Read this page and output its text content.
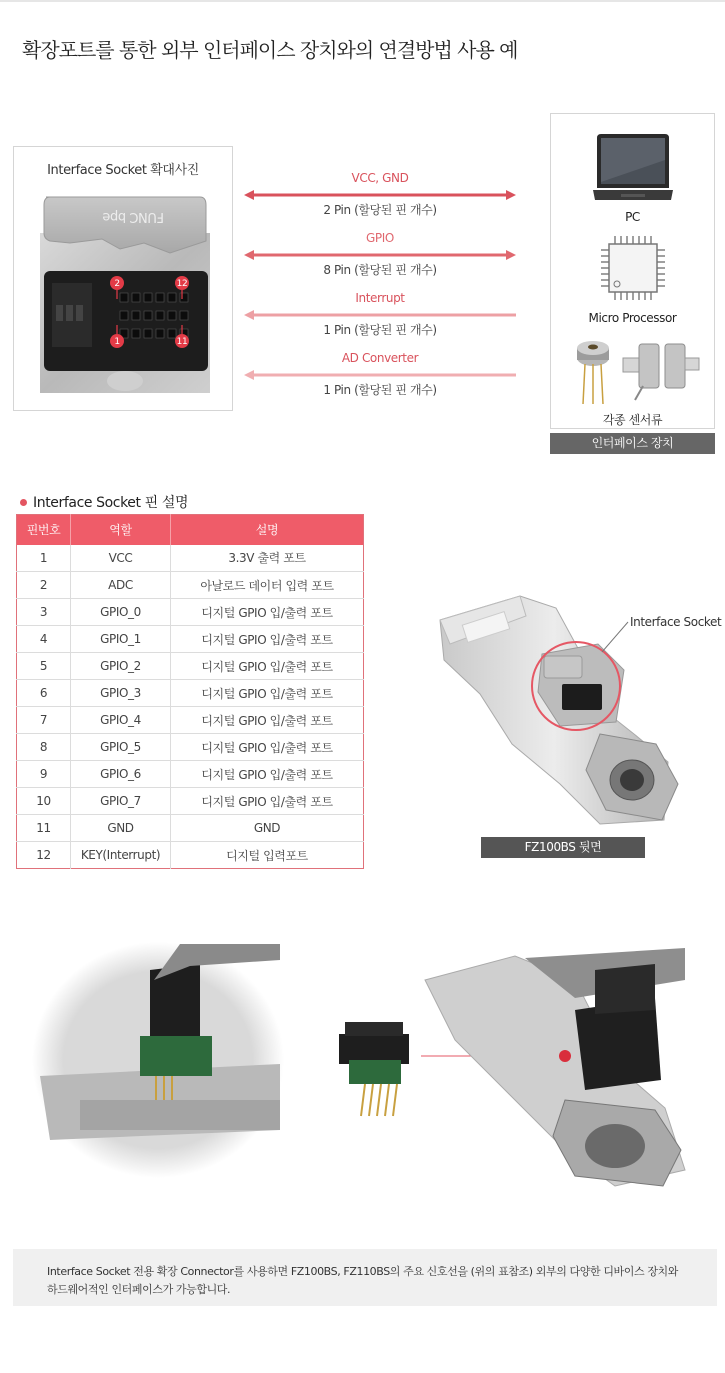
확장포트를 통한 외부 인터페이스 장치와의 연결방법 사용 예
Interface Socket 확대사진
FUNC bpe
2	12
1	11
VCC, GND
2 Pin (할당된 핀 개수)
GPIO
8 Pin (할당된 핀 개수)
Interrupt
1 Pin (할당된 핀 개수)
AD Converter
1 Pin (할당된 핀 개수)
PC
Micro Processor
각종 센서류
인터페이스 장치
Interface Socket 핀 설명
핀번호	역할	설명
1	VCC	3.3V 출력 포트
2	ADC	아날로드 데이터 입력 포트
3	GPIO_0	디지털 GPIO 입/출력 포트
4	GPIO_1	디지털 GPIO 입/출력 포트
5	GPIO_2	디지털 GPIO 입/출력 포트
6	GPIO_3	디지털 GPIO 입/출력 포트
7	GPIO_4	디지털 GPIO 입/출력 포트
8	GPIO_5	디지털 GPIO 입/출력 포트
9	GPIO_6	디지털 GPIO 입/출력 포트
10	GPIO_7	디지털 GPIO 입/출력 포트
11	GND	GND
12	KEY(Interrupt)	디지털 입력포트
Interface Socket
FZ100BS 뒷면
Interface Socket 전용 확장 Connector를 사용하면 FZ100BS, FZ110BS의 주요 신호선을 (위의 표참조) 외부의 다양한 디바이스 장치와
하드웨어적인 인터페이스가 가능합니다.
